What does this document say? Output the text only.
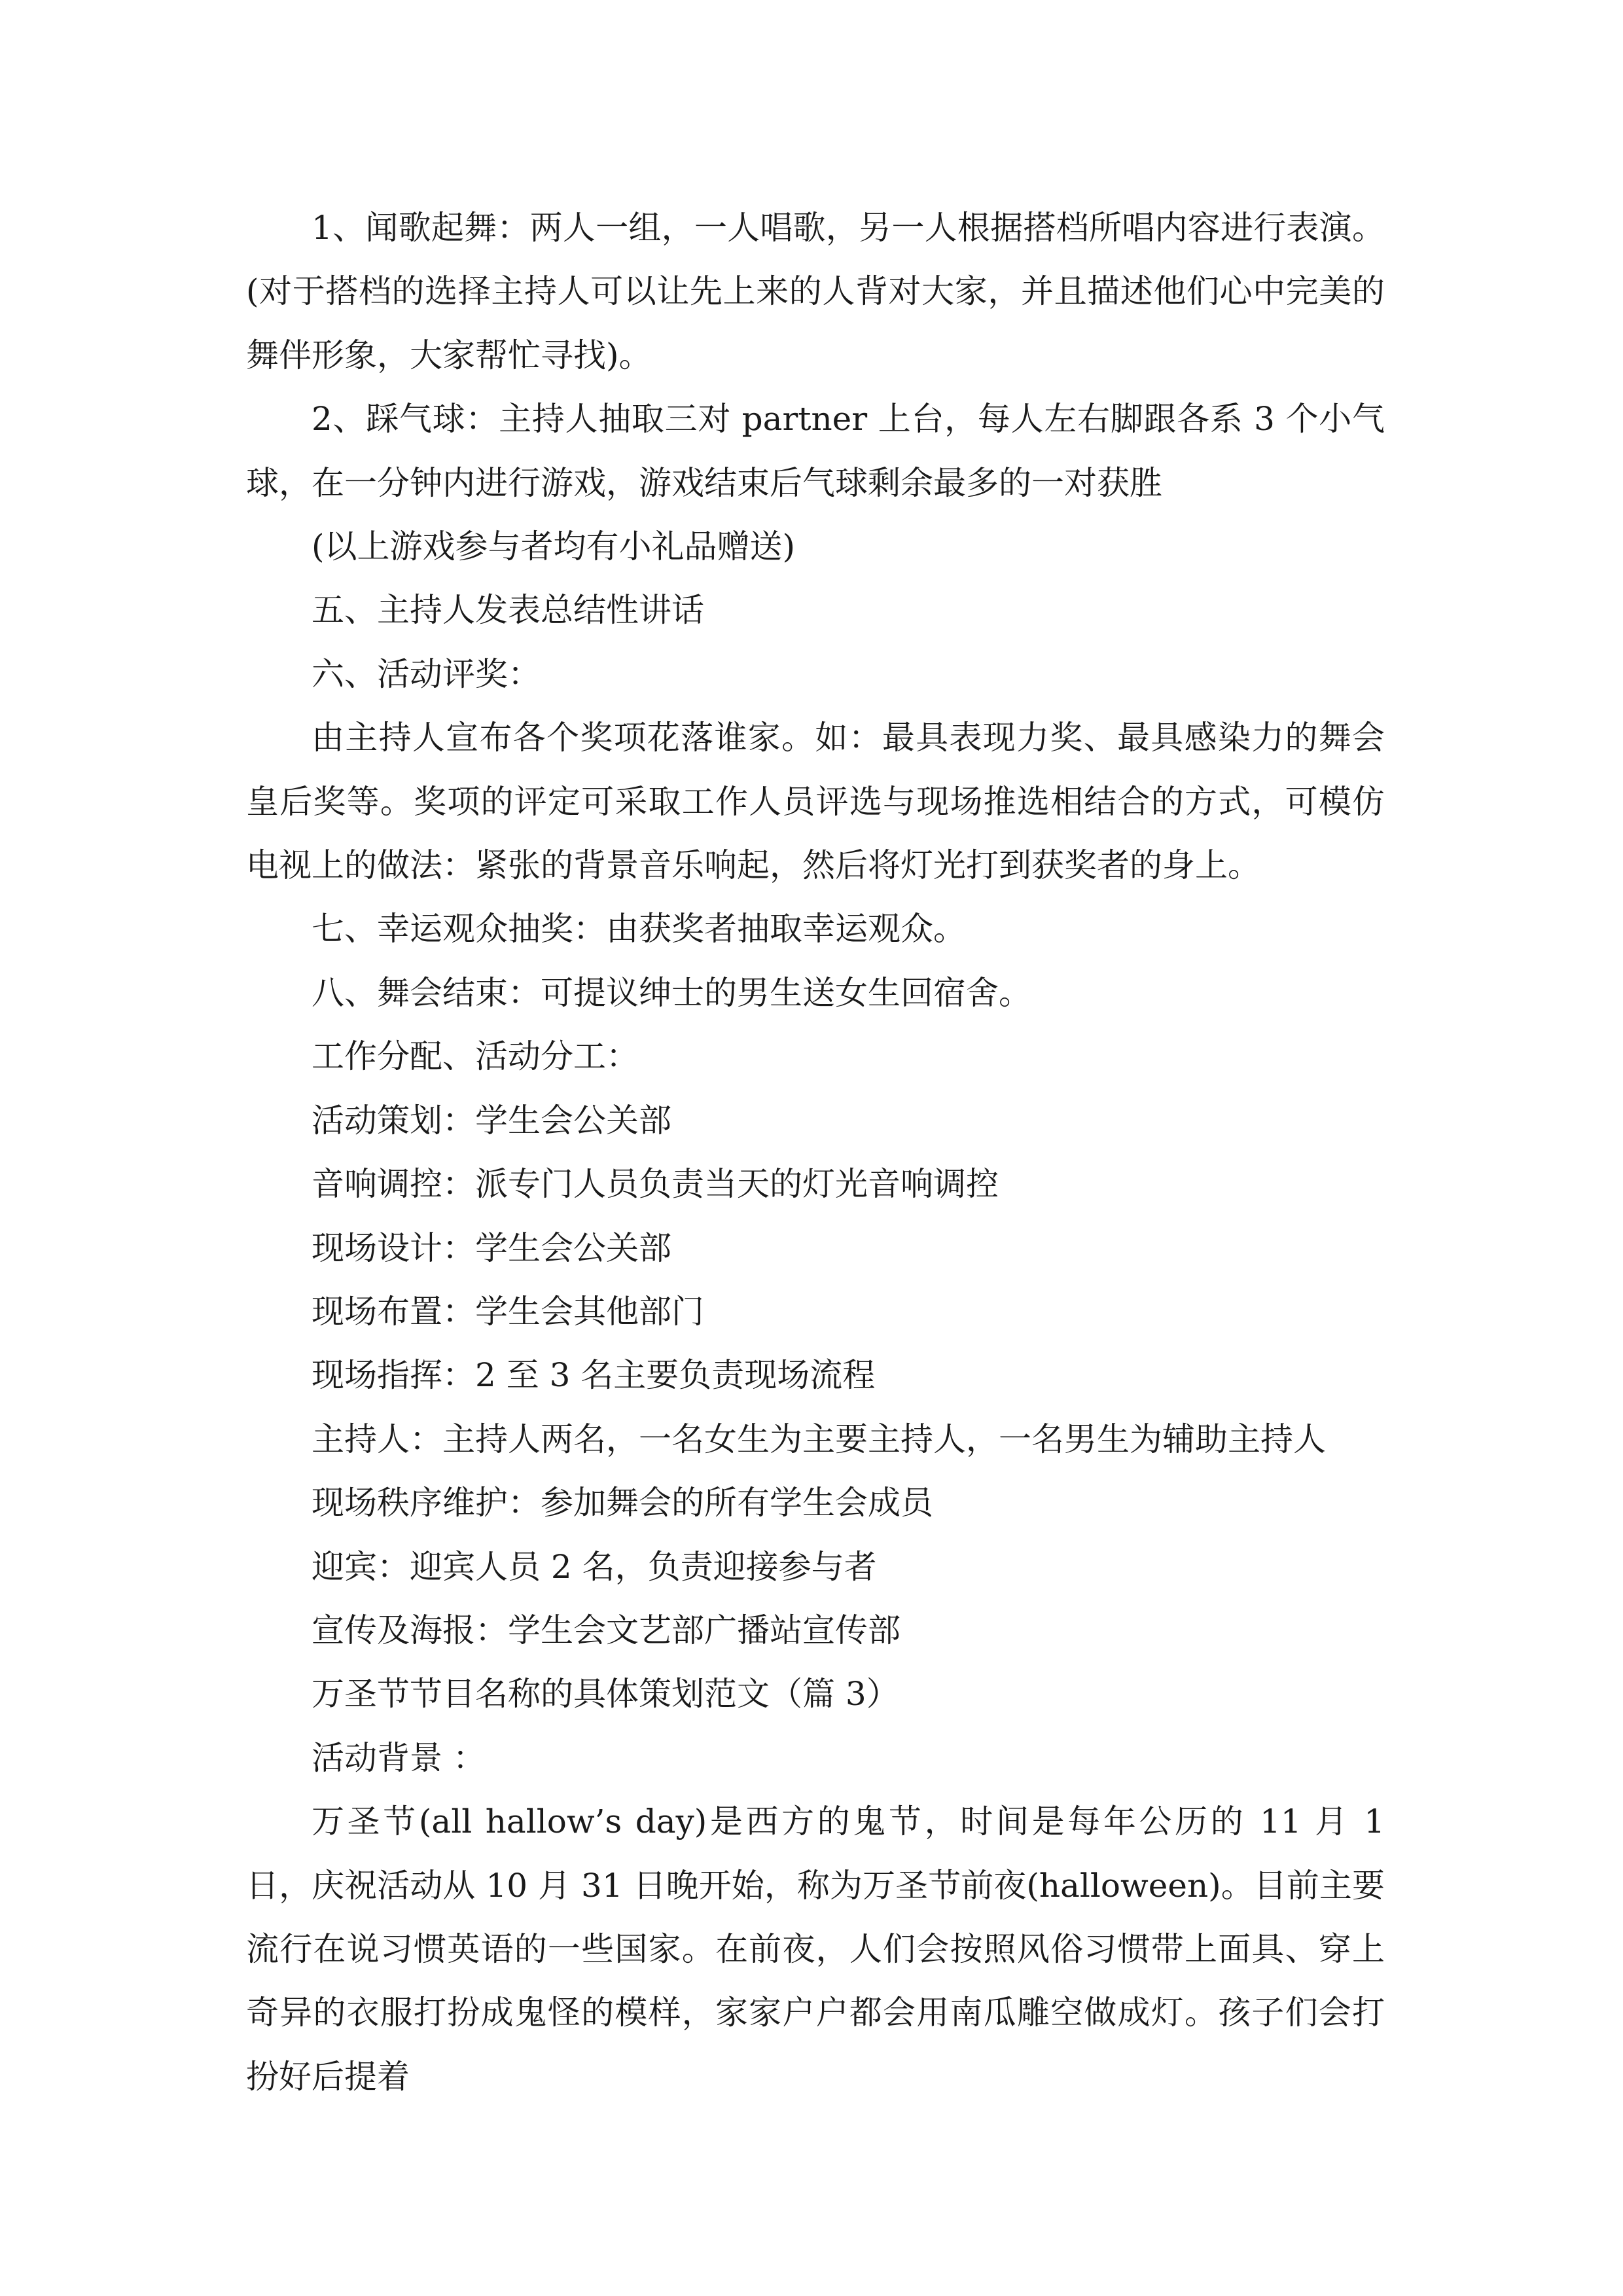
1、闻歌起舞：两人一组，一人唱歌，另一人根据搭档所唱内容进行表演。(对于搭档的选择主持人可以让先上来的人背对大家，并且描述他们心中完美的舞伴形象，大家帮忙寻找)。

2、踩气球：主持人抽取三对 partner 上台，每人左右脚跟各系 3 个小气球，在一分钟内进行游戏，游戏结束后气球剩余最多的一对获胜

(以上游戏参与者均有小礼品赠送)

五、主持人发表总结性讲话

六、活动评奖：

由主持人宣布各个奖项花落谁家。如：最具表现力奖、最具感染力的舞会皇后奖等。奖项的评定可采取工作人员评选与现场推选相结合的方式，可模仿电视上的做法：紧张的背景音乐响起，然后将灯光打到获奖者的身上。

七、幸运观众抽奖：由获奖者抽取幸运观众。

八、舞会结束：可提议绅士的男生送女生回宿舍。

工作分配、活动分工：

活动策划：学生会公关部

音响调控：派专门人员负责当天的灯光音响调控

现场设计：学生会公关部

现场布置：学生会其他部门

现场指挥：2 至 3 名主要负责现场流程

主持人：主持人两名，一名女生为主要主持人，一名男生为辅助主持人

现场秩序维护：参加舞会的所有学生会成员

迎宾：迎宾人员 2 名，负责迎接参与者

宣传及海报：学生会文艺部广播站宣传部

万圣节节目名称的具体策划范文（篇 3）

活动背景 ：

万圣节(all hallow’s day)是西方的鬼节，时间是每年公历的 11 月 1 日，庆祝活动从 10 月 31 日晚开始，称为万圣节前夜(halloween)。目前主要流行在说习惯英语的一些国家。在前夜，人们会按照风俗习惯带上面具、穿上奇异的衣服打扮成鬼怪的模样，家家户户都会用南瓜雕空做成灯。孩子们会打扮好后提着
